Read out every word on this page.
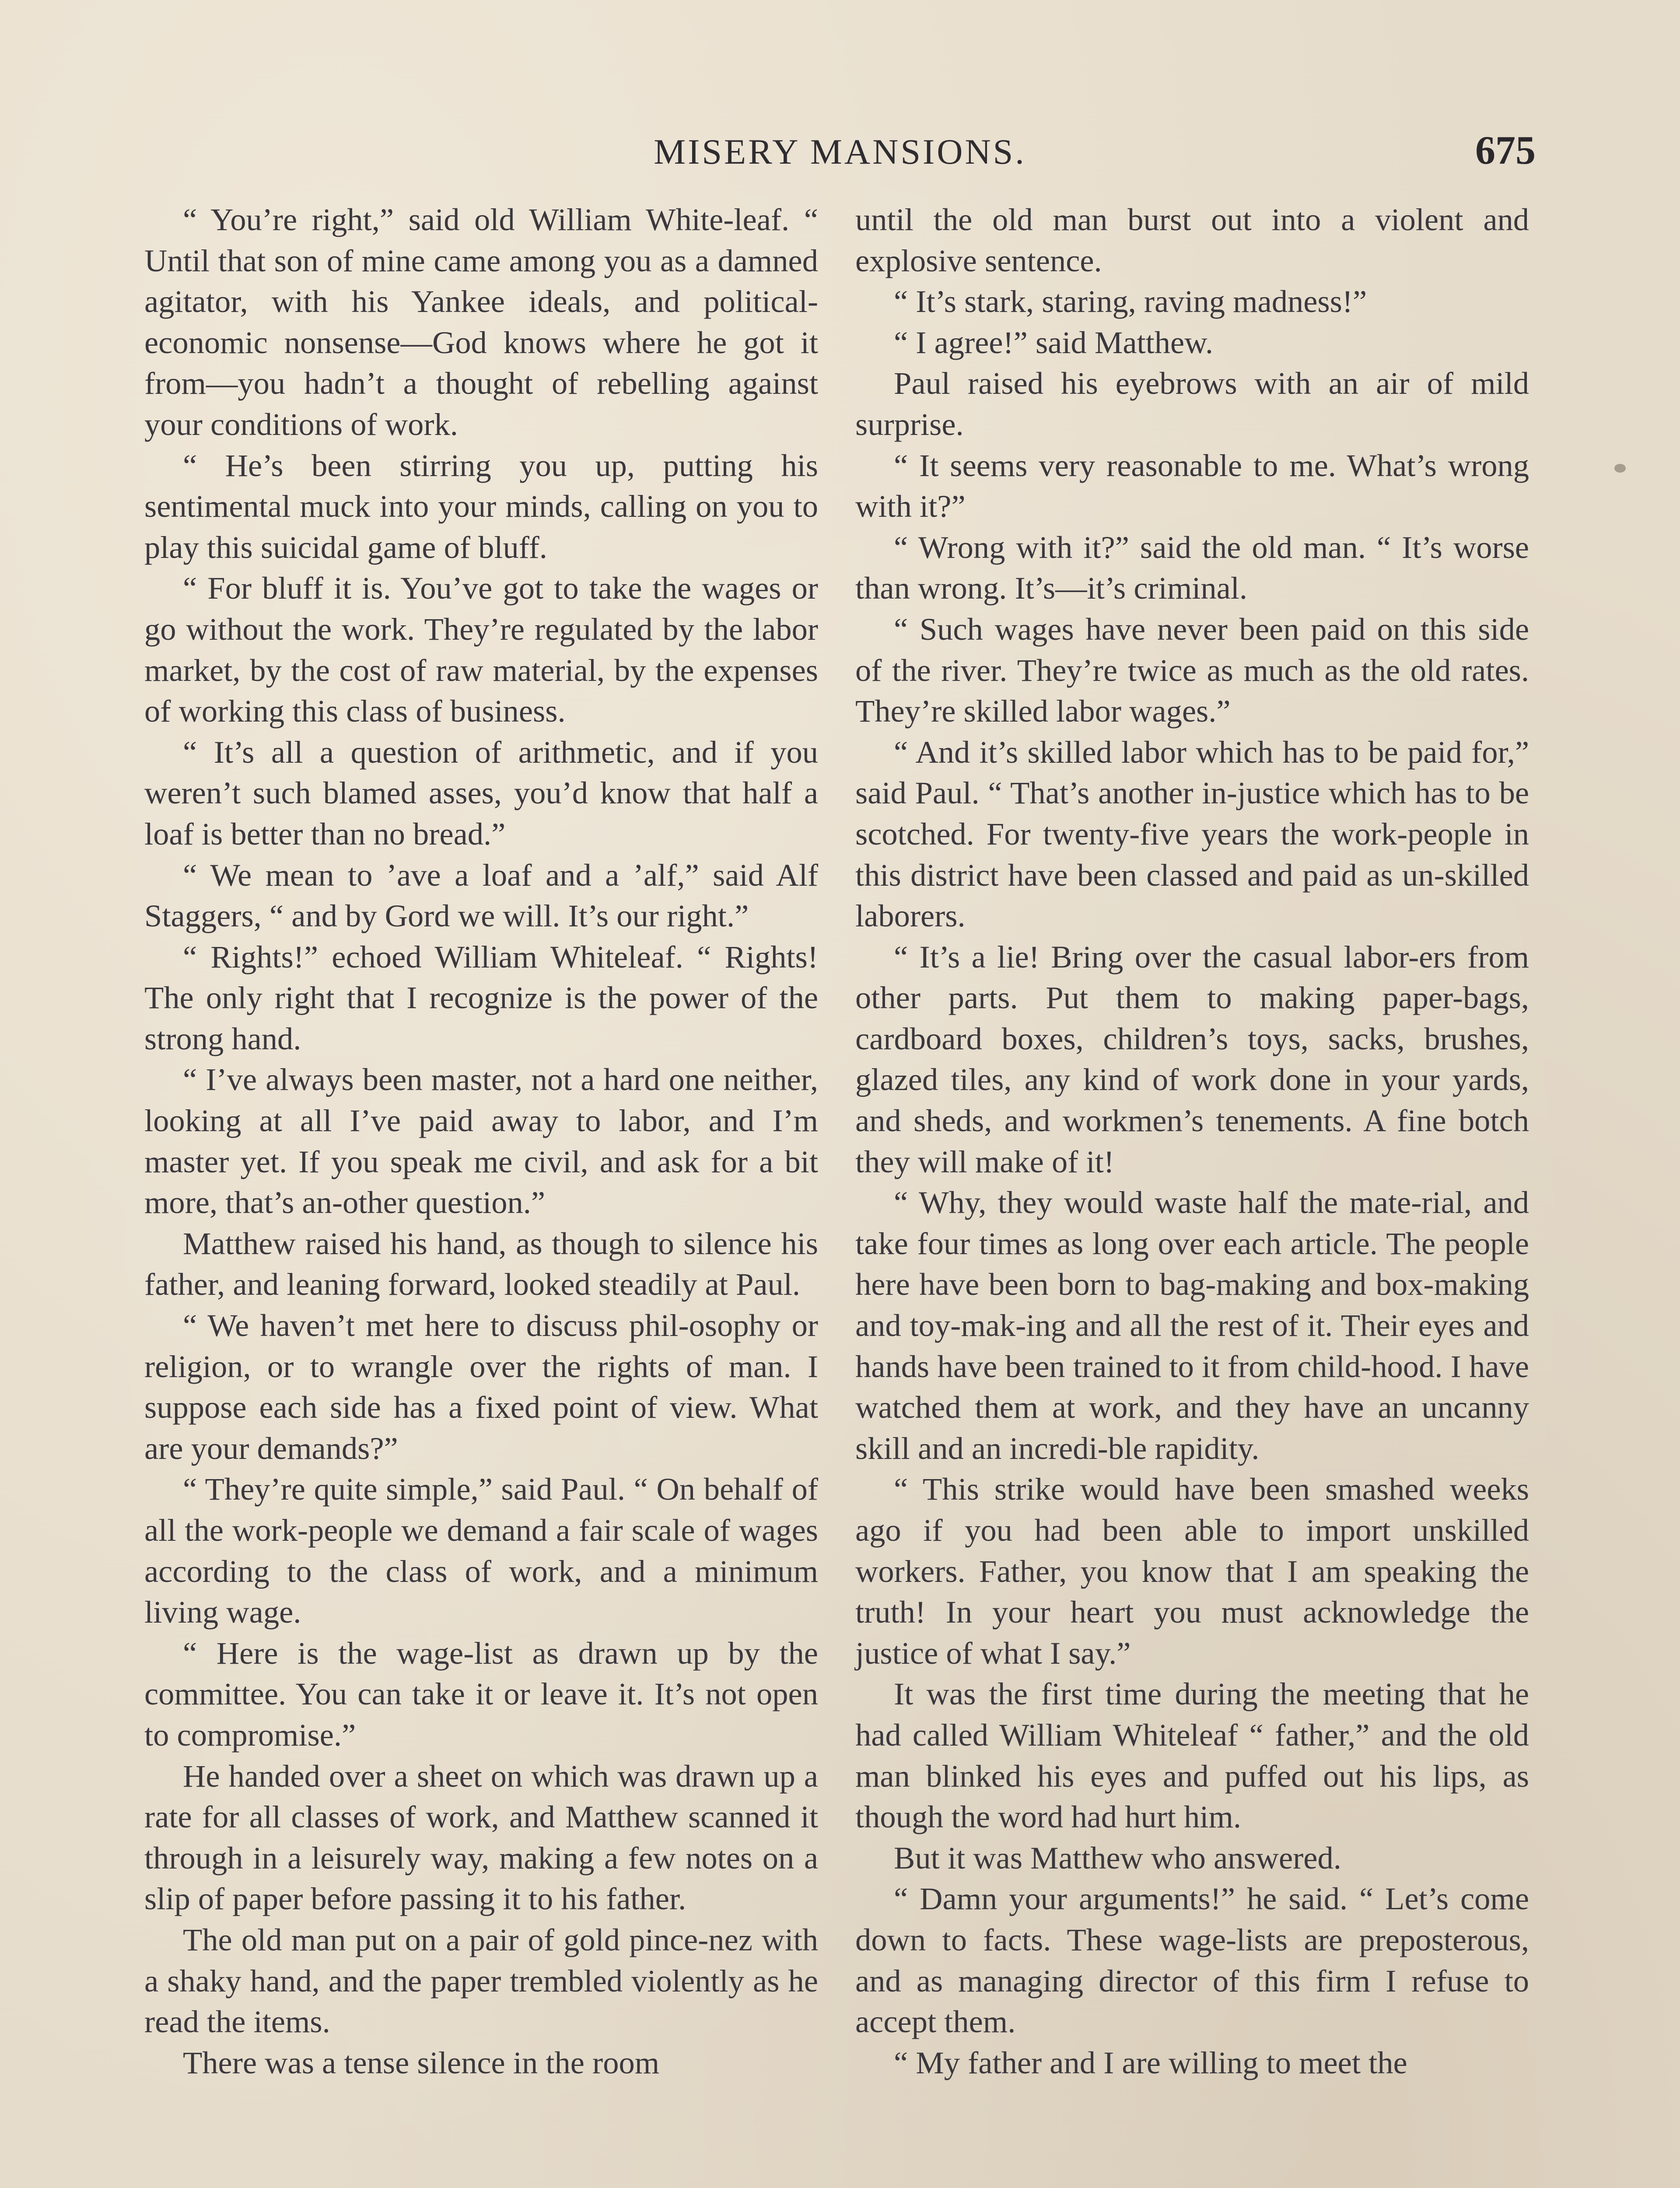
MISERY MANSIONS.	675

“ You’re right,” said old William White-leaf. “ Until that son of mine came among you as a damned agitator, with his Yankee ideals, and political-economic nonsense—God knows where he got it from—you hadn’t a thought of rebelling against your conditions of work.

“ He’s been stirring you up, putting his sentimental muck into your minds, calling on you to play this suicidal game of bluff.

“ For bluff it is. You’ve got to take the wages or go without the work. They’re regulated by the labor market, by the cost of raw material, by the expenses of working this class of business.

“ It’s all a question of arithmetic, and if you weren’t such blamed asses, you’d know that half a loaf is better than no bread.”

“ We mean to ’ave a loaf and a ’alf,” said Alf Staggers, “ and by Gord we will. It’s our right.”

“ Rights!” echoed William Whiteleaf. “ Rights! The only right that I recognize is the power of the strong hand.

“ I’ve always been master, not a hard one neither, looking at all I’ve paid away to labor, and I’m master yet. If you speak me civil, and ask for a bit more, that’s an-other question.”

Matthew raised his hand, as though to silence his father, and leaning forward, looked steadily at Paul.

“ We haven’t met here to discuss phil-osophy or religion, or to wrangle over the rights of man. I suppose each side has a fixed point of view. What are your demands?”

“ They’re quite simple,” said Paul. “ On behalf of all the work-people we demand a fair scale of wages according to the class of work, and a minimum living wage.

“ Here is the wage-list as drawn up by the committee. You can take it or leave it. It’s not open to compromise.”

He handed over a sheet on which was drawn up a rate for all classes of work, and Matthew scanned it through in a leisurely way, making a few notes on a slip of paper before passing it to his father.

The old man put on a pair of gold pince-nez with a shaky hand, and the paper trembled violently as he read the items.

There was a tense silence in the room

until the old man burst out into a violent and explosive sentence.

“ It’s stark, staring, raving madness!”

“ I agree!” said Matthew.

Paul raised his eyebrows with an air of mild surprise.

“ It seems very reasonable to me. What’s wrong with it?”

“ Wrong with it?” said the old man. “ It’s worse than wrong. It’s—it’s criminal.

“ Such wages have never been paid on this side of the river. They’re twice as much as the old rates. They’re skilled labor wages.”

“ And it’s skilled labor which has to be paid for,” said Paul. “ That’s another in-justice which has to be scotched. For twenty-five years the work-people in this district have been classed and paid as un-skilled laborers.

“ It’s a lie! Bring over the casual labor-ers from other parts. Put them to making paper-bags, cardboard boxes, children’s toys, sacks, brushes, glazed tiles, any kind of work done in your yards, and sheds, and workmen’s tenements. A fine botch they will make of it!

“ Why, they would waste half the mate-rial, and take four times as long over each article. The people here have been born to bag-making and box-making and toy-mak-ing and all the rest of it. Their eyes and hands have been trained to it from child-hood. I have watched them at work, and they have an uncanny skill and an incredi-ble rapidity.

“ This strike would have been smashed weeks ago if you had been able to import unskilled workers. Father, you know that I am speaking the truth! In your heart you must acknowledge the justice of what I say.”

It was the first time during the meeting that he had called William Whiteleaf “ father,” and the old man blinked his eyes and puffed out his lips, as though the word had hurt him.

But it was Matthew who answered.

“ Damn your arguments!” he said. “ Let’s come down to facts. These wage-lists are preposterous, and as managing director of this firm I refuse to accept them.

“ My father and I are willing to meet the
